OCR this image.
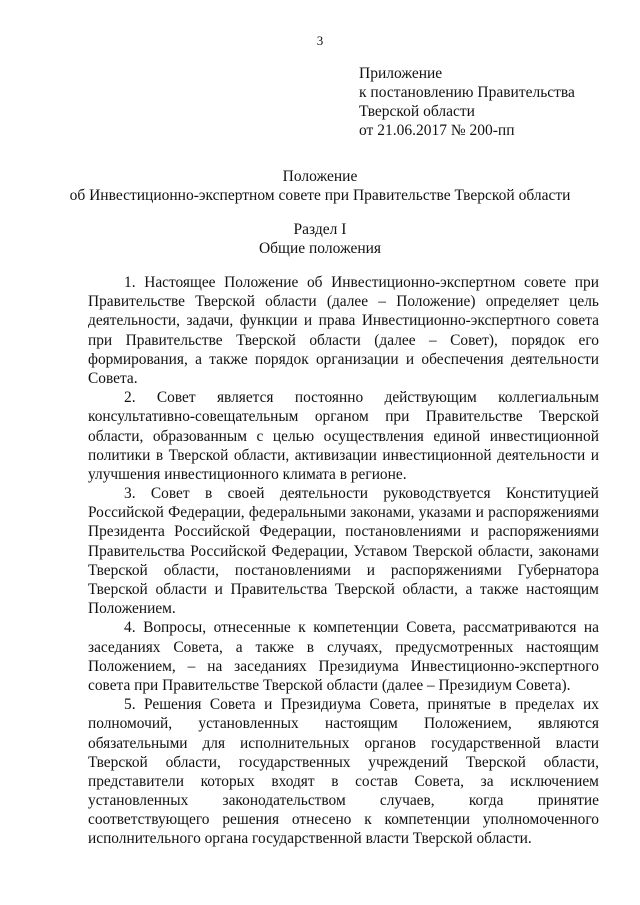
3
Приложение
к постановлению Правительства
Тверской области
от 21.06.2017 № 200-пп
Положение
об Инвестиционно-экспертном совете при Правительстве Тверской области
Раздел I
Общие положения
1. Настоящее Положение об Инвестиционно-экспертном совете при
Правительстве Тверской области (далее – Положение) определяет цель
деятельности, задачи, функции и права Инвестиционно-экспертного совета
при Правительстве Тверской области (далее – Совет), порядок его
формирования, а также порядок организации и обеспечения деятельности
Совета.
2. Совет является постоянно действующим коллегиальным
консультативно-совещательным органом при Правительстве Тверской
области, образованным с целью осуществления единой инвестиционной
политики в Тверской области, активизации инвестиционной деятельности и
улучшения инвестиционного климата в регионе.
3. Совет в своей деятельности руководствуется Конституцией
Российской Федерации, федеральными законами, указами и распоряжениями
Президента Российской Федерации, постановлениями и распоряжениями
Правительства Российской Федерации, Уставом Тверской области, законами
Тверской области, постановлениями и распоряжениями Губернатора
Тверской области и Правительства Тверской области, а также настоящим
Положением.
4. Вопросы, отнесенные к компетенции Совета, рассматриваются на
заседаниях Совета, а также в случаях, предусмотренных настоящим
Положением, – на заседаниях Президиума Инвестиционно-экспертного
совета при Правительстве Тверской области (далее – Президиум Совета).
5. Решения Совета и Президиума Совета, принятые в пределах их
полномочий, установленных настоящим Положением, являются
обязательными для исполнительных органов государственной власти
Тверской области, государственных учреждений Тверской области,
представители которых входят в состав Совета, за исключением
установленных законодательством случаев, когда принятие
соответствующего решения отнесено к компетенции уполномоченного
исполнительного органа государственной власти Тверской области.
